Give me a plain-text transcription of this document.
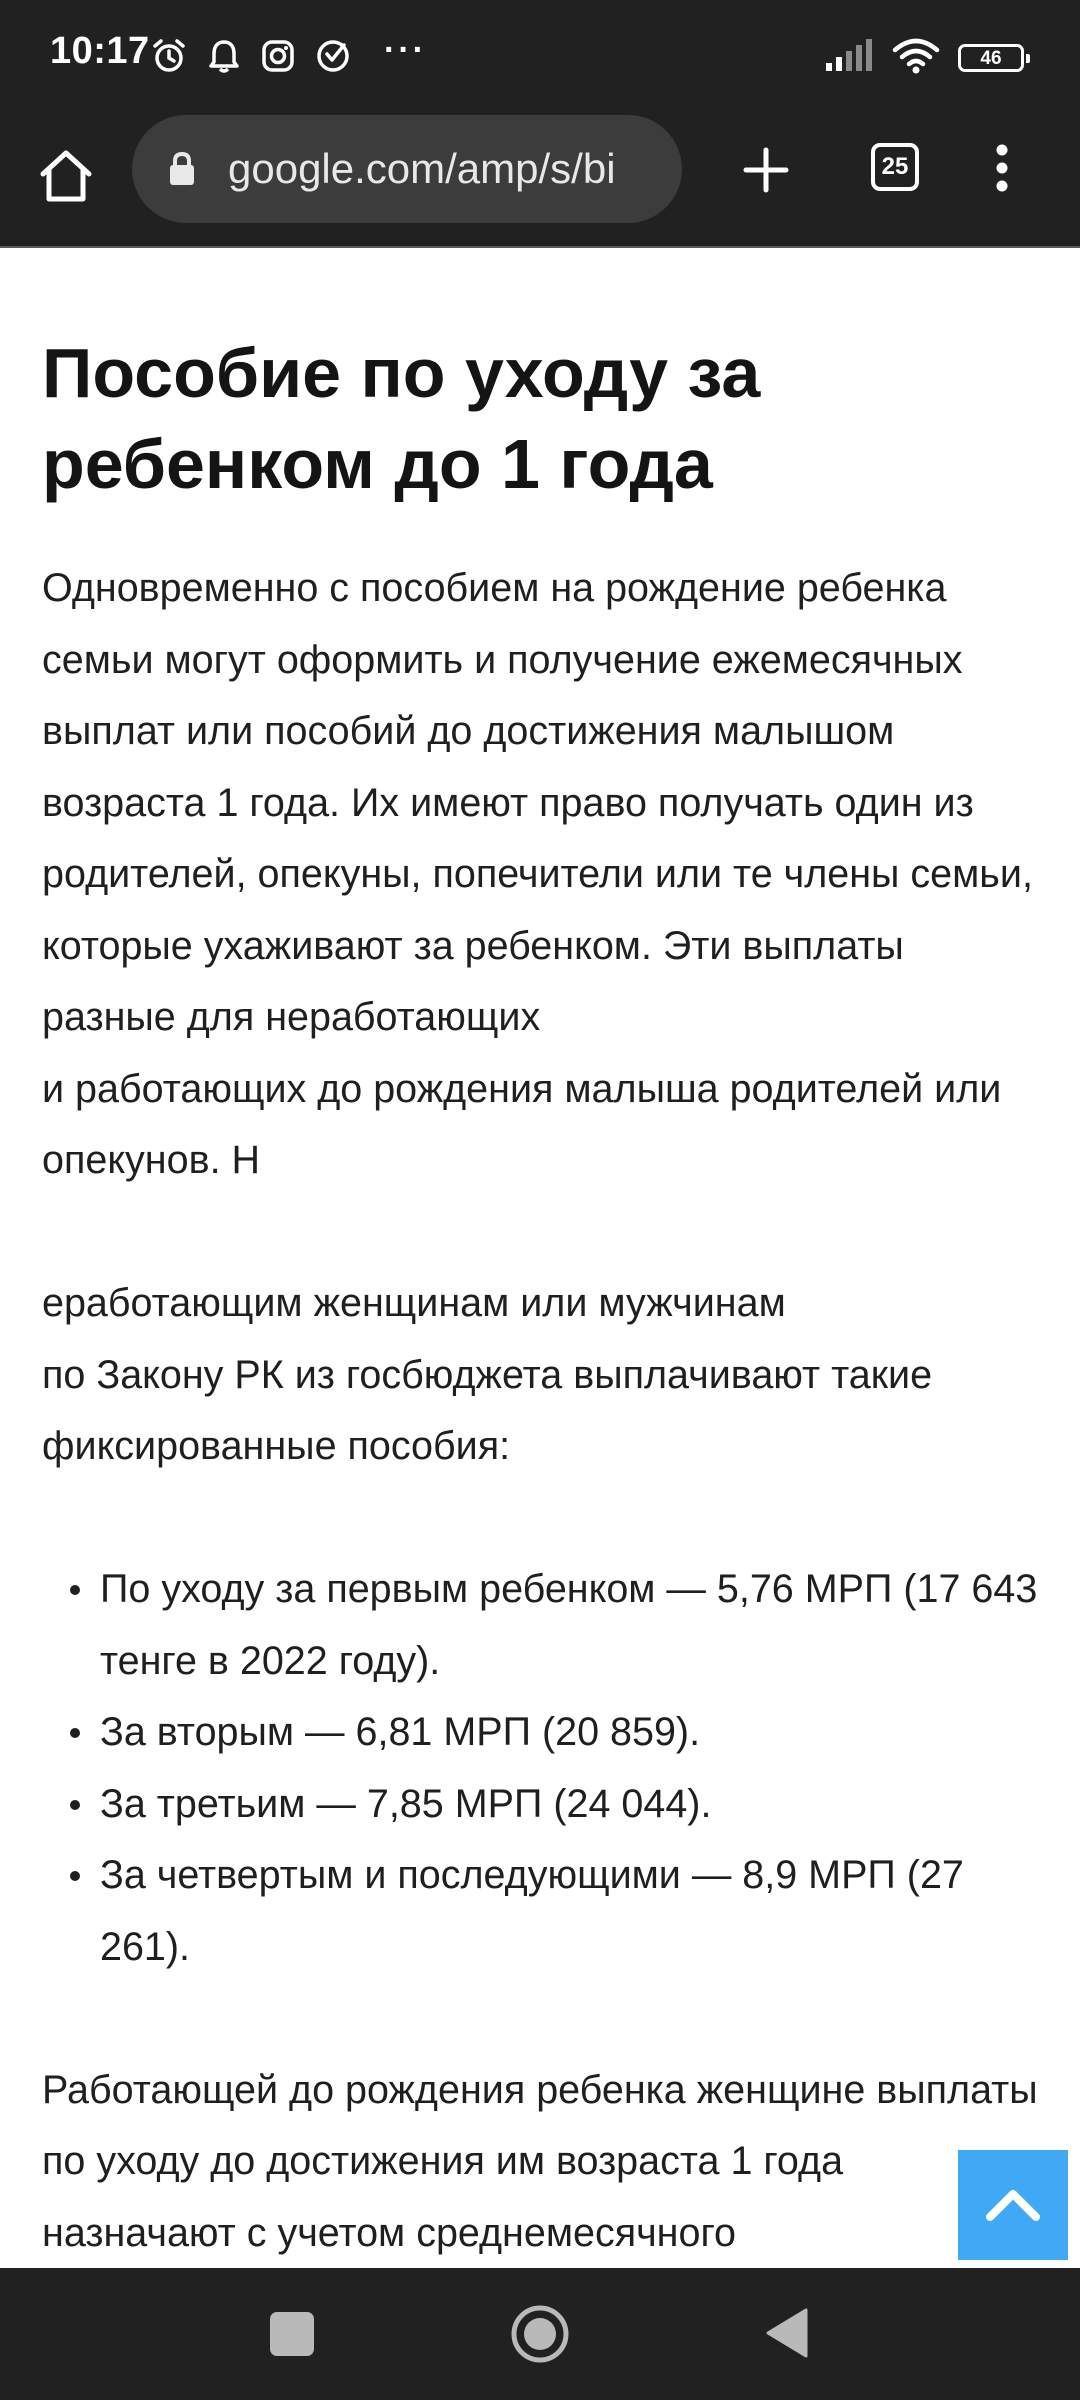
10:17	···	46
google.com/amp/s/bi	25
Пособие по уходу за
ребенком до 1 года

Одновременно с пособием на рождение ребенка семьи могут оформить и получение ежемесячных выплат или пособий до достижения малышом возраста 1 года. Их имеют право получать один из родителей, опекуны, попечители или те члены семьи, которые ухаживают за ребенком. Эти выплаты разные для неработающих
и работающих до рождения малыша родителей или опекунов. Н

еработающим женщинам или мужчинам
по Закону РК из госбюджета выплачивают такие фиксированные пособия:

По уходу за первым ребенком — 5,76 МРП (17 643 тенге в 2022 году).
За вторым — 6,81 МРП (20 859).
За третьим — 7,85 МРП (24 044).
За четвертым и последующими — 8,9 МРП (27 261).

Работающей до рождения ребенка женщине выплаты по уходу до достижения им возраста 1 года назначают с учетом среднемесячного
